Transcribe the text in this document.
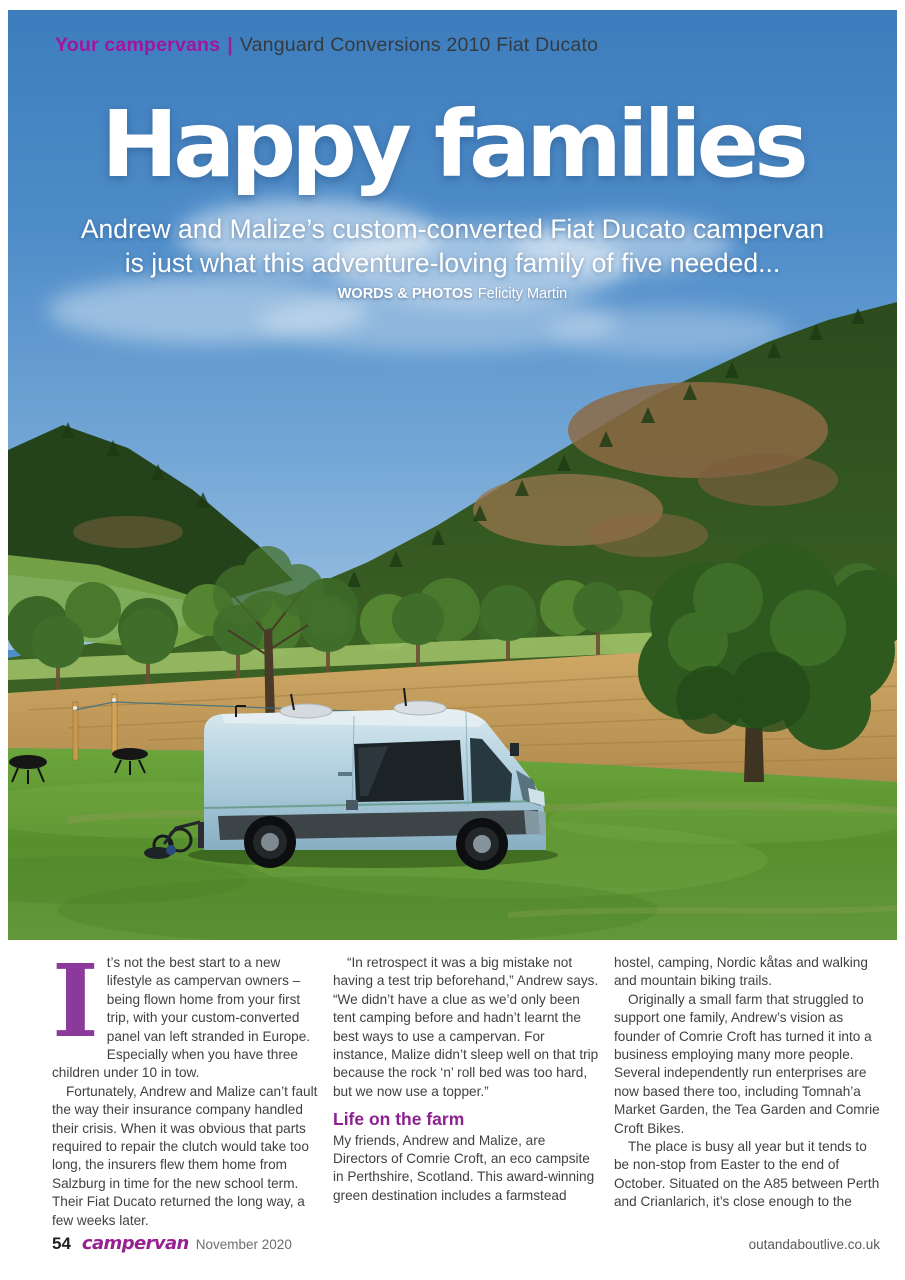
Your campervans | Vanguard Conversions 2010 Fiat Ducato
Happy families
Andrew and Malize’s custom-converted Fiat Ducato campervan
is just what this adventure-loving family of five needed...
WORDS & PHOTOS Felicity Martin

It’s not the best start to a new lifestyle as campervan owners – being flown home from your first trip, with your custom-converted panel van left stranded in Europe. Especially when you have three children under 10 in tow.

Fortunately, Andrew and Malize can’t fault the way their insurance company handled their crisis. When it was obvious that parts required to repair the clutch would take too long, the insurers flew them home from Salzburg in time for the new school term. Their Fiat Ducato returned the long way, a few weeks later.

“In retrospect it was a big mistake not having a test trip beforehand,” Andrew says. “We didn’t have a clue as we’d only been tent camping before and hadn’t learnt the best ways to use a campervan. For instance, Malize didn’t sleep well on that trip because the rock ‘n’ roll bed was too hard, but we now use a topper.”

Life on the farm

My friends, Andrew and Malize, are Directors of Comrie Croft, an eco campsite in Perthshire, Scotland. This award-winning green destination includes a farmstead

hostel, camping, Nordic kåtas and walking and mountain biking trails.

Originally a small farm that struggled to support one family, Andrew’s vision as founder of Comrie Croft has turned it into a business employing many more people. Several independently run enterprises are now based there too, including Tomnah’a Market Garden, the Tea Garden and Comrie Croft Bikes.

The place is busy all year but it tends to be non-stop from Easter to the end of October. Situated on the A85 between Perth and Crianlarich, it’s close enough to the

54 campervan November 2020	outandaboutlive.co.uk
